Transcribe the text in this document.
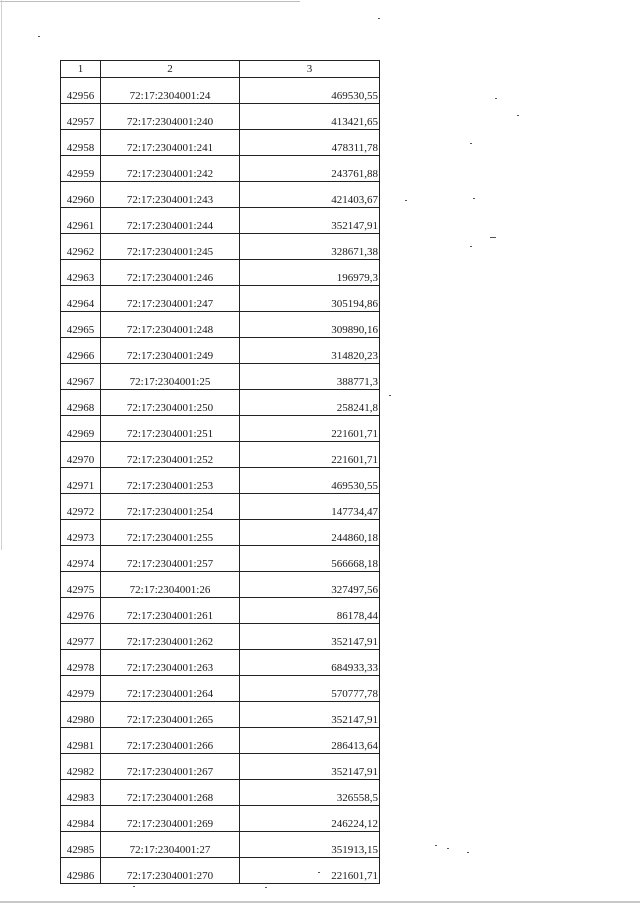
1	2	3
42956	72:17:2304001:24	469530,55
42957	72:17:2304001:240	413421,65
42958	72:17:2304001:241	478311,78
42959	72:17:2304001:242	243761,88
42960	72:17:2304001:243	421403,67
42961	72:17:2304001:244	352147,91
42962	72:17:2304001:245	328671,38
42963	72:17:2304001:246	196979,3
42964	72:17:2304001:247	305194,86
42965	72:17:2304001:248	309890,16
42966	72:17:2304001:249	314820,23
42967	72:17:2304001:25	388771,3
42968	72:17:2304001:250	258241,8
42969	72:17:2304001:251	221601,71
42970	72:17:2304001:252	221601,71
42971	72:17:2304001:253	469530,55
42972	72:17:2304001:254	147734,47
42973	72:17:2304001:255	244860,18
42974	72:17:2304001:257	566668,18
42975	72:17:2304001:26	327497,56
42976	72:17:2304001:261	86178,44
42977	72:17:2304001:262	352147,91
42978	72:17:2304001:263	684933,33
42979	72:17:2304001:264	570777,78
42980	72:17:2304001:265	352147,91
42981	72:17:2304001:266	286413,64
42982	72:17:2304001:267	352147,91
42983	72:17:2304001:268	326558,5
42984	72:17:2304001:269	246224,12
42985	72:17:2304001:27	351913,15
42986	72:17:2304001:270	221601,71
